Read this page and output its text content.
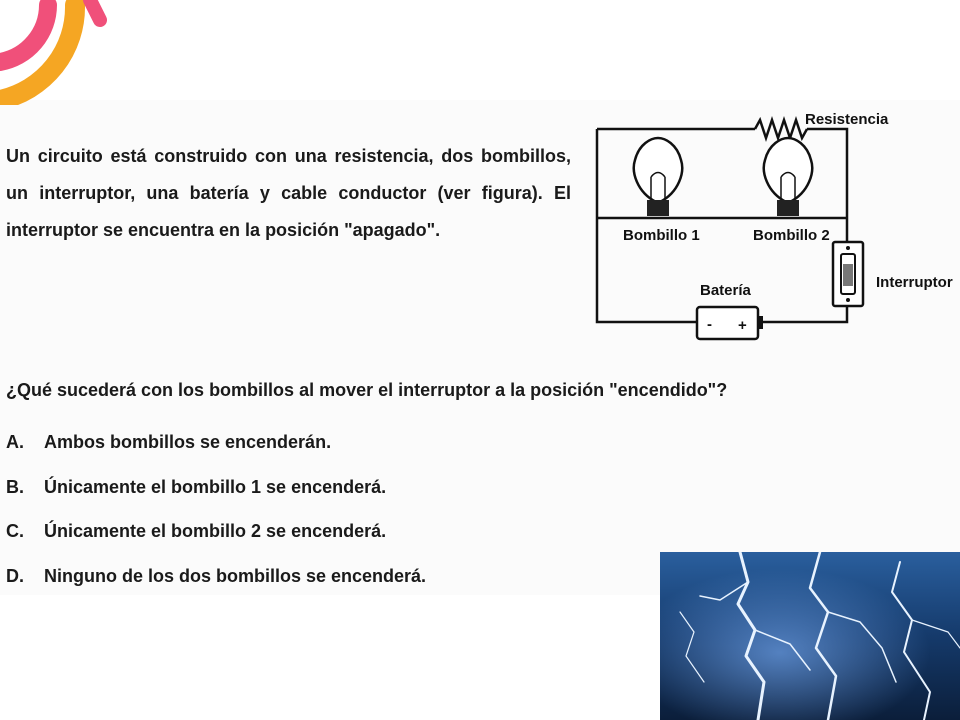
Un circuito está construido con una resistencia, dos bombillos, un interruptor, una batería y cable conductor (ver figura). El interruptor se encuentra en la posición "apagado".
Resistencia
Bombillo 1	Bombillo 2
Interruptor
- +
Batería
¿Qué sucederá con los bombillos al mover el interruptor a la posición "encendido"?
A. Ambos bombillos se encenderán.
B. Únicamente el bombillo 1 se encenderá.
C. Únicamente el bombillo 2 se encenderá.
D. Ninguno de los dos bombillos se encenderá.
